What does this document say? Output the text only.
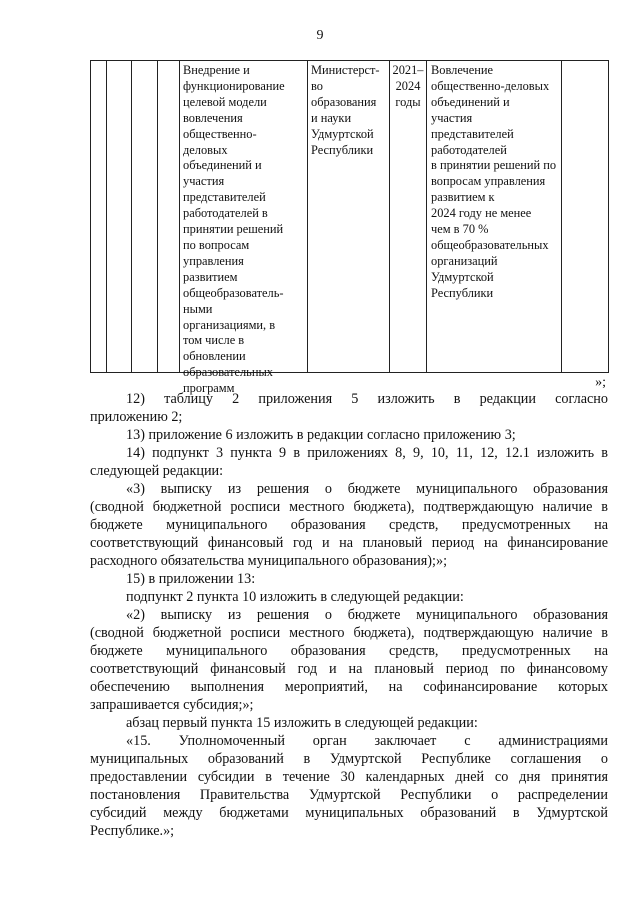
9
Внедрение и
функционирование
целевой модели
вовлечения
общественно-
деловых
объединений и
участия
представителей
работодателей в
принятии решений
по вопросам
управления
развитием
общеобразователь-
ными
организациями, в
том числе в
обновлении
образовательных
программ
Министерст-
во
образования
и науки
Удмуртской
Республики
2021–
2024
годы
Вовлечение
общественно-деловых
объединений и
участия
представителей
работодателей
в принятии решений по
вопросам управления
развитием к
2024 году не менее
чем в 70 %
общеобразовательных
организаций
Удмуртской
Республики
»;
12) таблицу 2 приложения 5 изложить в редакции согласно
приложению 2;
13) приложение 6 изложить в редакции согласно приложению 3;
14) подпункт 3 пункта 9 в приложениях 8, 9, 10, 11, 12, 12.1 изложить в
следующей редакции:
«3) выписку из решения о бюджете муниципального образования
(сводной бюджетной росписи местного бюджета), подтверждающую наличие в
бюджете муниципального образования средств, предусмотренных на
соответствующий финансовый год и на плановый период на финансирование
расходного обязательства муниципального образования);»;
15) в приложении 13:
подпункт 2 пункта 10 изложить в следующей редакции:
«2) выписку из решения о бюджете муниципального образования
(сводной бюджетной росписи местного бюджета), подтверждающую наличие в
бюджете муниципального образования средств, предусмотренных на
соответствующий финансовый год и на плановый период по финансовому
обеспечению выполнения мероприятий, на софинансирование которых
запрашивается субсидия;»;
абзац первый пункта 15 изложить в следующей редакции:
«15. Уполномоченный орган заключает с администрациями
муниципальных образований в Удмуртской Республике соглашения о
предоставлении субсидии в течение 30 календарных дней со дня принятия
постановления Правительства Удмуртской Республики о распределении
субсидий между бюджетами муниципальных образований в Удмуртской
Республике.»;
